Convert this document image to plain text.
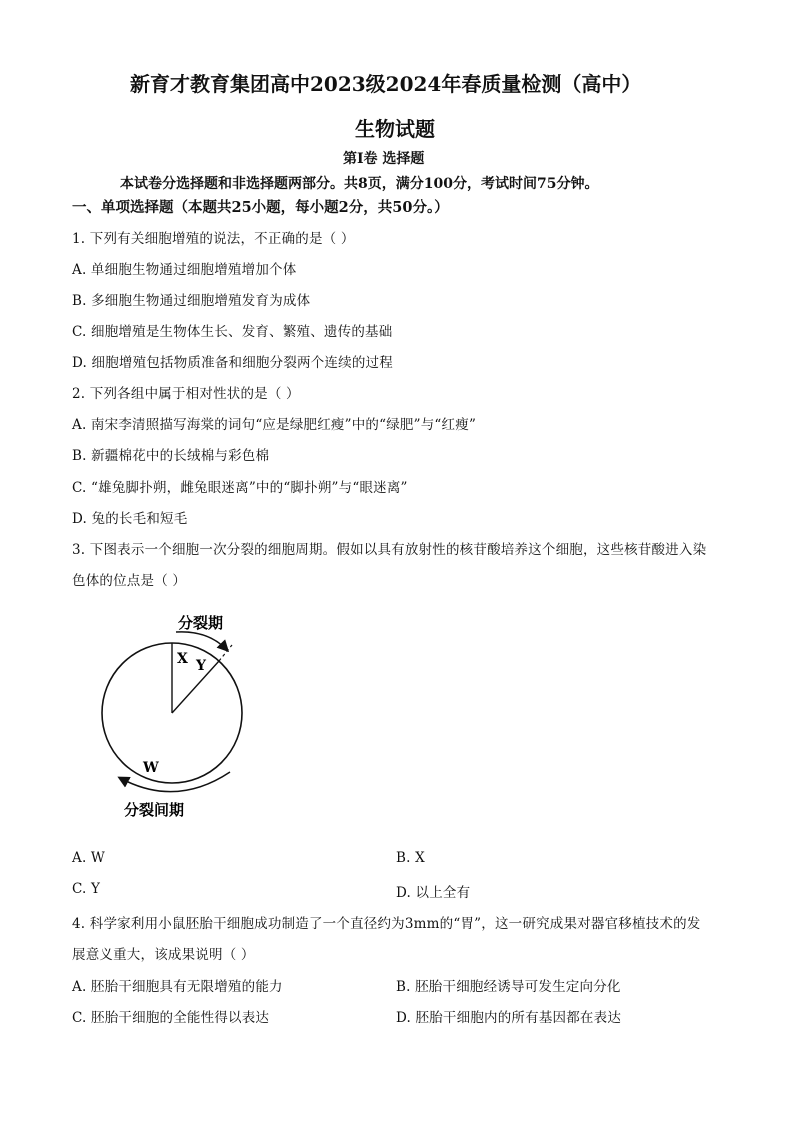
新育才教育集团高中2023级2024年春质量检测（高中）
生物试题
第Ⅰ卷 选择题
本试卷分选择题和非选择题两部分。共8页，满分100分，考试时间75分钟。
一、单项选择题（本题共25小题，每小题2分，共50分。）
1. 下列有关细胞增殖的说法，不正确的是（ ）
A. 单细胞生物通过细胞增殖增加个体
B. 多细胞生物通过细胞增殖发育为成体
C. 细胞增殖是生物体生长、发育、繁殖、遗传的基础
D. 细胞增殖包括物质准备和细胞分裂两个连续的过程
2. 下列各组中属于相对性状的是（ ）
A. 南宋李清照描写海棠的词句“应是绿肥红瘦”中的“绿肥”与“红瘦”
B. 新疆棉花中的长绒棉与彩色棉
C. “雄兔脚扑朔，雌兔眼迷离”中的“脚扑朔”与“眼迷离”
D. 兔的长毛和短毛
3. 下图表示一个细胞一次分裂的细胞周期。假如以具有放射性的核苷酸培养这个细胞，这些核苷酸进入染
色体的位点是（ ）
分裂期
X Y
W
分裂间期
A. W	B. X
C. Y	D. 以上全有
4. 科学家利用小鼠胚胎干细胞成功制造了一个直径约为3mm的“胃”，这一研究成果对器官移植技术的发
展意义重大，该成果说明（ ）
A. 胚胎干细胞具有无限增殖的能力	B. 胚胎干细胞经诱导可发生定向分化
C. 胚胎干细胞的全能性得以表达	D. 胚胎干细胞内的所有基因都在表达
